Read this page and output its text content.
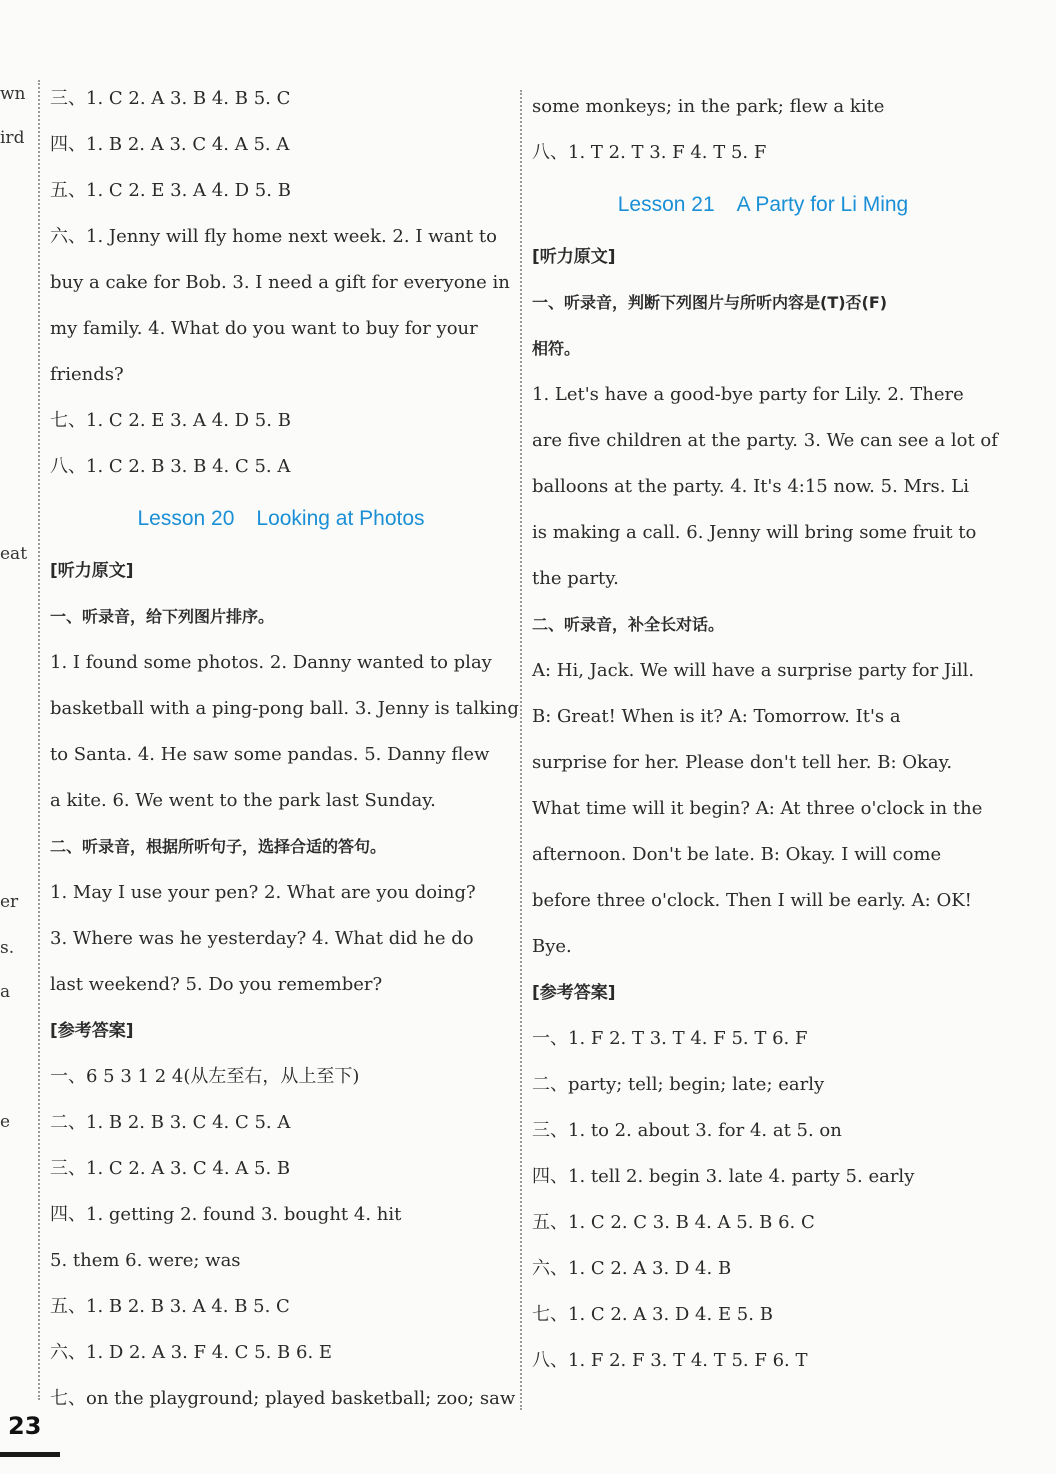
wn
ird
eat
er
s.
a
e
三、1. C 2. A 3. B 4. B 5. C
四、1. B 2. A 3. C 4. A 5. A
五、1. C 2. E 3. A 4. D 5. B
六、1. Jenny will fly home next week. 2. I want to
buy a cake for Bob. 3. I need a gift for everyone in
my family. 4. What do you want to buy for your
friends?
七、1. C 2. E 3. A 4. D 5. B
八、1. C 2. B 3. B 4. C 5. A
Lesson 20 Looking at Photos
[听力原文]
一、听录音，给下列图片排序。
1. I found some photos. 2. Danny wanted to play
basketball with a ping-pong ball. 3. Jenny is talking
to Santa. 4. He saw some pandas. 5. Danny flew
a kite. 6. We went to the park last Sunday.
二、听录音，根据所听句子，选择合适的答句。
1. May I use your pen? 2. What are you doing?
3. Where was he yesterday? 4. What did he do
last weekend? 5. Do you remember?
[参考答案]
一、6 5 3 1 2 4(从左至右，从上至下)
二、1. B 2. B 3. C 4. C 5. A
三、1. C 2. A 3. C 4. A 5. B
四、1. getting 2. found 3. bought 4. hit
5. them 6. were; was
五、1. B 2. B 3. A 4. B 5. C
六、1. D 2. A 3. F 4. C 5. B 6. E
七、on the playground; played basketball; zoo; saw
some monkeys; in the park; flew a kite
八、1. T 2. T 3. F 4. T 5. F
Lesson 21 A Party for Li Ming
[听力原文]
一、听录音，判断下列图片与所听内容是(T)否(F)
相符。
1. Let's have a good-bye party for Lily. 2. There
are five children at the party. 3. We can see a lot of
balloons at the party. 4. It's 4:15 now. 5. Mrs. Li
is making a call. 6. Jenny will bring some fruit to
the party.
二、听录音，补全长对话。
A: Hi, Jack. We will have a surprise party for Jill.
B: Great! When is it? A: Tomorrow. It's a
surprise for her. Please don't tell her. B: Okay.
What time will it begin? A: At three o'clock in the
afternoon. Don't be late. B: Okay. I will come
before three o'clock. Then I will be early. A: OK!
Bye.
[参考答案]
一、1. F 2. T 3. T 4. F 5. T 6. F
二、party; tell; begin; late; early
三、1. to 2. about 3. for 4. at 5. on
四、1. tell 2. begin 3. late 4. party 5. early
五、1. C 2. C 3. B 4. A 5. B 6. C
六、1. C 2. A 3. D 4. B
七、1. C 2. A 3. D 4. E 5. B
八、1. F 2. F 3. T 4. T 5. F 6. T
23
